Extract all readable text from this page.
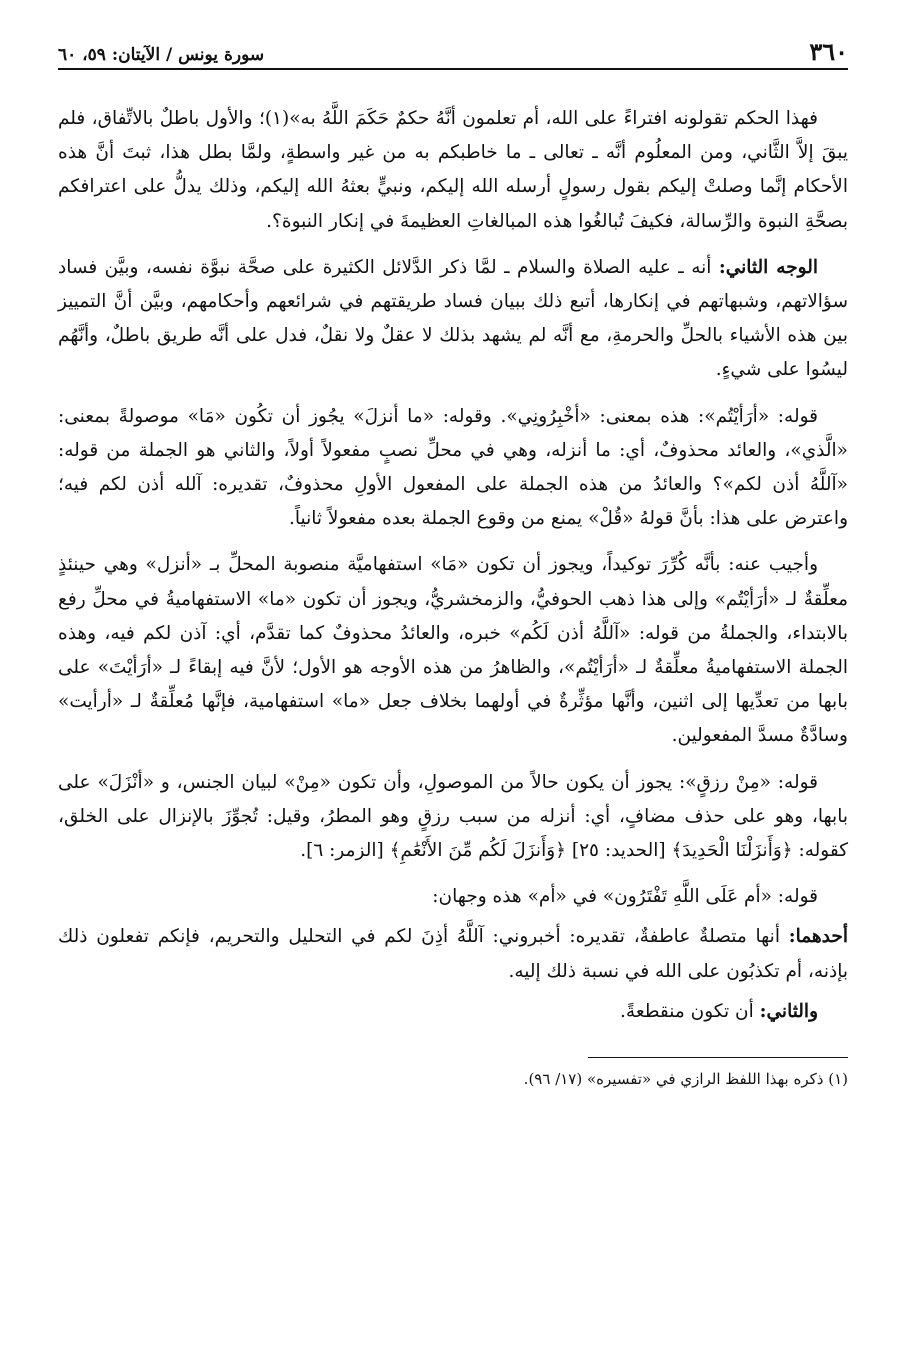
٣٦٠
سورة يونس / الآيتان: ٥٩، ٦٠

فهذا الحكم تقولونه افتراءً على الله، أم تعلمون أنَّهُ حكمٌ حَكَمَ اللَّهُ به»(١)؛ والأول باطلٌ بالاتِّفاق، فلم يبقَ إلاَّ الثَّاني، ومن المعلُوم أنَّه ـ تعالى ـ ما خاطبكم به من غير واسطةٍ، ولمَّا بطل هذا، ثبتَ أنَّ هذه الأحكام إنَّما وصلتْ إليكم بقول رسولٍ أرسله الله إليكم، ونبيٍّ بعثهُ الله إليكم، وذلك يدلُّ على اعترافكم بصحَّةِ النبوة والرِّسالة، فكيفَ تُبالغُوا هذه المبالغاتِ العظيمةَ في إنكار النبوة؟.

الوجه الثاني: أنه ـ عليه الصلاة والسلام ـ لمَّا ذكر الدَّلائل الكثيرة على صحَّة نبوَّة نفسه، وبيَّن فساد سؤالاتهم، وشبهاتهم في إنكارها، أتبع ذلك ببيان فساد طريقتهم في شرائعهم وأحكامهم، وبيَّن أنَّ التمييز بين هذه الأشياء بالحلِّ والحرمةِ، مع أنَّه لم يشهد بذلك لا عقلٌ ولا نقلٌ، فدل على أنَّه طريق باطلٌ، وأنَّهُم ليسُوا على شيءٍ.

قوله: «أرَأيْتُم»: هذه بمعنى: «أخْبِرُونِي». وقوله: «ما أنزلَ» يجُوز أن تكُون «مَا» موصولةً بمعنى: «الَّذي»، والعائد محذوفٌ، أي: ما أنزله، وهي في محلِّ نصبٍ مفعولاً أولاً، والثاني هو الجملة من قوله: «آللَّهُ أذن لكم»؟ والعائدُ من هذه الجملة على المفعول الأولِ محذوفٌ، تقديره: آلله أذن لكم فيه؛ واعترض على هذا: بأنَّ قولهُ «قُلْ» يمنع من وقوع الجملة بعده مفعولاً ثانياً.

وأجيب عنه: بأنَّه كُرِّرَ توكيداً، ويجوز أن تكون «مَا» استفهاميَّة منصوبة المحلِّ بـ «أنزل» وهي حينئذٍ معلِّقةٌ لـ «أرَأيْتُم» وإلى هذا ذهب الحوفيُّ، والزمخشريُّ، ويجوز أن تكون «ما» الاستفهاميةُ في محلِّ رفع بالابتداء، والجملةُ من قوله: «آللَّهُ أذن لَكُم» خبره، والعائدُ محذوفٌ كما تقدَّم، أي: آذن لكم فيه، وهذه الجملة الاستفهاميةُ معلِّقةٌ لـ «أرَأيْتُم»، والظاهرُ من هذه الأوجه هو الأول؛ لأنَّ فيه إبقاءً لـ «أرَأيْتَ» على بابها من تعدِّيها إلى اثنين، وأنَّها مؤثِّرةٌ في أولهما بخلاف جعل «ما» استفهامية، فإنَّها مُعلِّقةٌ لـ «أرأيت» وسادَّةٌ مسدَّ المفعولين.

قوله: «مِنْ رزقٍ»: يجوز أن يكون حالاً من الموصولِ، وأن تكون «مِنْ» لبيان الجنس، و «أنْزَلَ» على بابها، وهو على حذف مضافٍ، أي: أنزله من سبب رزقٍ وهو المطرُ، وقيل: تُجوِّزَ بالإنزال على الخلق، كقوله: ﴿وَأَنزَلْنَا الْحَدِيدَ﴾ [الحديد: ٢٥] ﴿وَأَنزَلَ لَكُم مِّنَ الأَنْعَٰمِ﴾ [الزمر: ٦].

قوله: «أم عَلَى اللَّهِ تَفْتَرُون» في «أم» هذه وجهان:

أحدهما: أنها متصلةٌ عاطفةٌ، تقديره: أخبروني: آللَّهُ أذِنَ لكم في التحليل والتحريم، فإنكم تفعلون ذلك بإذنه، أم تكذبُون على الله في نسبة ذلك إليه.

والثاني: أن تكون منقطعةً.

(١) ذكره بهذا اللفظ الرازي في «تفسيره» (١٧/ ٩٦).
